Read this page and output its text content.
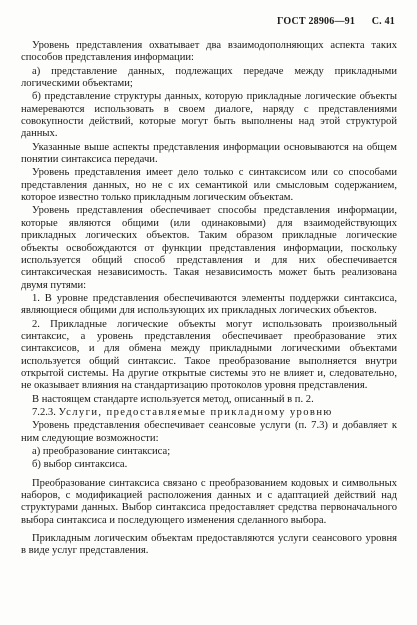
ГОСТ 28906—91 С. 41

Уровень представления охватывает два взаимодополняющих аспекта таких способов представления информации:

а) представление данных, подлежащих передаче между прикладными логическими объектами;

б) представление структуры данных, которую прикладные логические объекты намереваются использовать в своем диалоге, наряду с представлениями совокупности действий, которые могут быть выполнены над этой структурой данных.

Указанные выше аспекты представления информации основываются на общем понятии синтаксиса передачи.

Уровень представления имеет дело только с синтаксисом или со способами представления данных, но не с их семантикой или смысловым содержанием, которое известно только прикладным логическим объектам.

Уровень представления обеспечивает способы представления информации, которые являются общими (или одинаковыми) для взаимодействующих прикладных логических объектов. Таким образом прикладные логические объекты освобождаются от функции представления информации, поскольку используется общий способ представления и для них обеспечивается синтаксическая независимость. Такая независимость может быть реализована двумя путями:

1. В уровне представления обеспечиваются элементы поддержки синтаксиса, являющиеся общими для использующих их прикладных логических объектов.

2. Прикладные логические объекты могут использовать произвольный синтаксис, а уровень представления обеспечивает преобразование этих синтаксисов, и для обмена между прикладными логическими объектами используется общий синтаксис. Такое преобразование выполняется внутри открытой системы. На другие открытые системы это не влияет и, следовательно, не оказывает влияния на стандартизацию протоколов уровня представления.

В настоящем стандарте используется метод, описанный в п. 2.

7.2.3. Услуги, предоставляемые прикладному уровню

Уровень представления обеспечивает сеансовые услуги (п. 7.3) и добавляет к ним следующие возможности:

а) преобразование синтаксиса;

б) выбор синтаксиса.

Преобразование синтаксиса связано с преобразованием кодовых и символьных наборов, с модификацией расположения данных и с адаптацией действий над структурами данных. Выбор синтаксиса предоставляет средства первоначального выбора синтаксиса и последующего изменения сделанного выбора.

Прикладным логическим объектам предоставляются услуги сеансового уровня в виде услуг представления.
